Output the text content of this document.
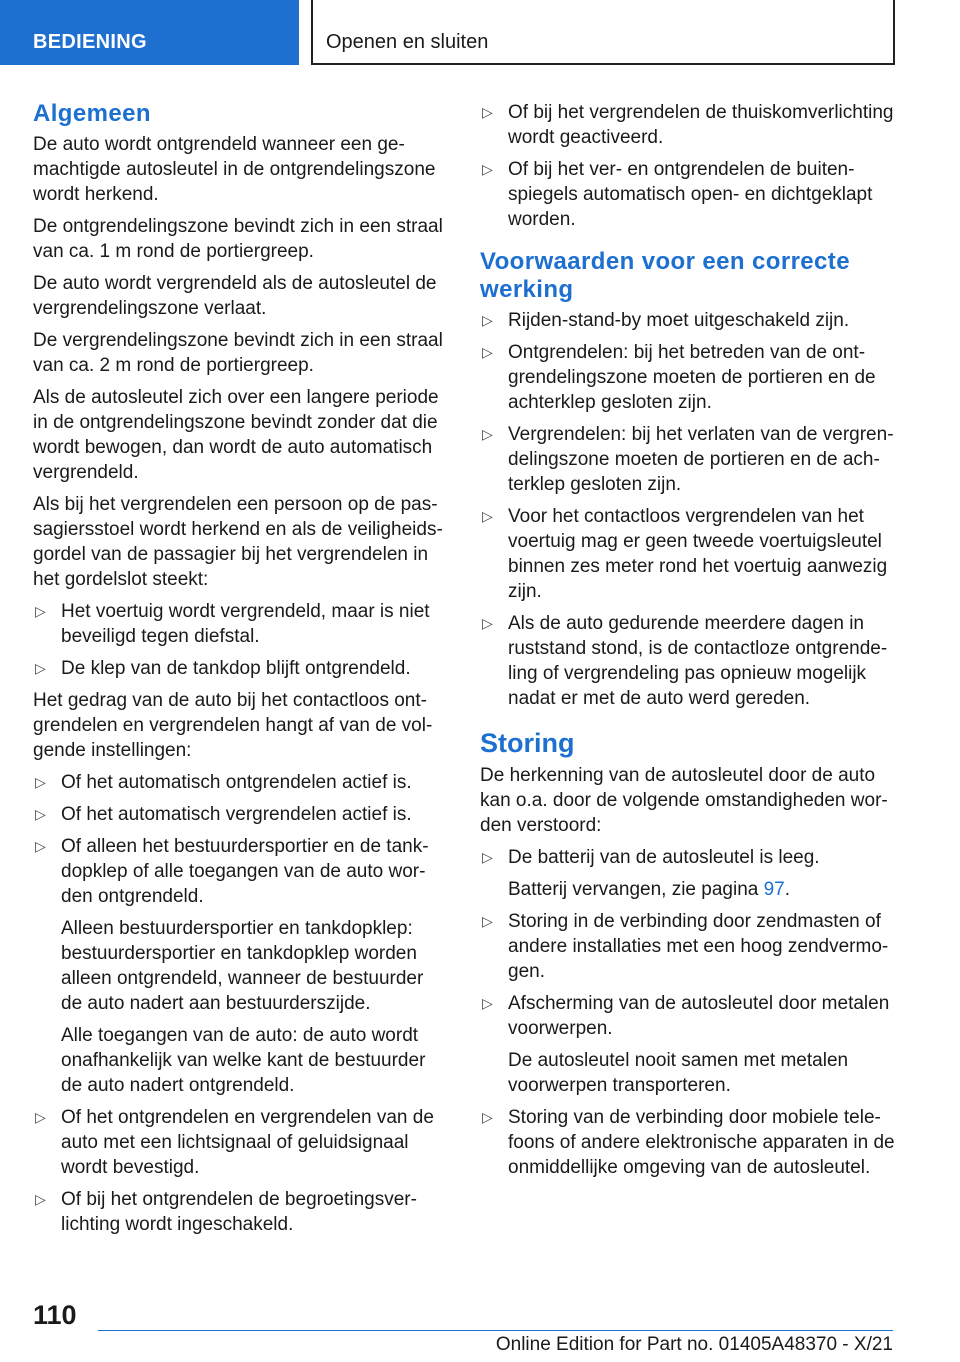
BEDIENING	Openen en sluiten
Algemeen

De auto wordt ontgrendeld wanneer een gemachtigde autosleutel in de ontgrendelingszone wordt herkend.

De ontgrendelingszone bevindt zich in een straal van ca. 1 m rond de portiergreep.

De auto wordt vergrendeld als de autosleutel de vergrendelingszone verlaat.

De vergrendelingszone bevindt zich in een straal van ca. 2 m rond de portiergreep.

Als de autosleutel zich over een langere periode in de ontgrendelingszone bevindt zonder dat die wordt bewogen, dan wordt de auto automatisch vergrendeld.

Als bij het vergrendelen een persoon op de passagiersstoel wordt herkend en als de veiligheidsgordel van de passagier bij het vergrendelen in het gordelslot steekt:

▷ Het voertuig wordt vergrendeld, maar is niet beveiligd tegen diefstal.
▷ De klep van de tankdop blijft ontgrendeld.

Het gedrag van de auto bij het contactloos ontgrendelen en vergrendelen hangt af van de volgende instellingen:

▷ Of het automatisch ontgrendelen actief is.
▷ Of het automatisch vergrendelen actief is.
▷ Of alleen het bestuurdersportier en de tankdopklep of alle toegangen van de auto worden ontgrendeld.

Alleen bestuurdersportier en tankdopklep: bestuurdersportier en tankdopklep worden alleen ontgrendeld, wanneer de bestuurder de auto nadert aan bestuurderszijde.

Alle toegangen van de auto: de auto wordt onafhankelijk van welke kant de bestuurder de auto nadert ontgrendeld.

▷ Of het ontgrendelen en vergrendelen van de auto met een lichtsignaal of geluidsignaal wordt bevestigd.
▷ Of bij het ontgrendelen de begroetingsverlichting wordt ingeschakeld.
▷ Of bij het vergrendelen de thuiskomverlichting wordt geactiveerd.
▷ Of bij het ver- en ontgrendelen de buitenspiegels automatisch open- en dichtgeklapt worden.
Voorwaarden voor een correcte werking
▷ Rijden-stand-by moet uitgeschakeld zijn.
▷ Ontgrendelen: bij het betreden van de ontgrendelingszone moeten de portieren en de achterklep gesloten zijn.
▷ Vergrendelen: bij het verlaten van de vergrendelingszone moeten de portieren en de achterklep gesloten zijn.
▷ Voor het contactloos vergrendelen van het voertuig mag er geen tweede voertuigsleutel binnen zes meter rond het voertuig aanwezig zijn.
▷ Als de auto gedurende meerdere dagen in ruststand stond, is de contactloze ontgrendeling of vergrendeling pas opnieuw mogelijk nadat er met de auto werd gereden.
Storing

De herkenning van de autosleutel door de auto kan o.a. door de volgende omstandigheden worden verstoord:

▷ De batterij van de autosleutel is leeg.

Batterij vervangen, zie pagina 97.

▷ Storing in de verbinding door zendmasten of andere installaties met een hoog zendvermogen.
▷ Afscherming van de autosleutel door metalen voorwerpen.

De autosleutel nooit samen met metalen voorwerpen transporteren.

▷ Storing van de verbinding door mobiele telefoons of andere elektronische apparaten in de onmiddellijke omgeving van de autosleutel.
110
Online Edition for Part no. 01405A48370 - X/21
